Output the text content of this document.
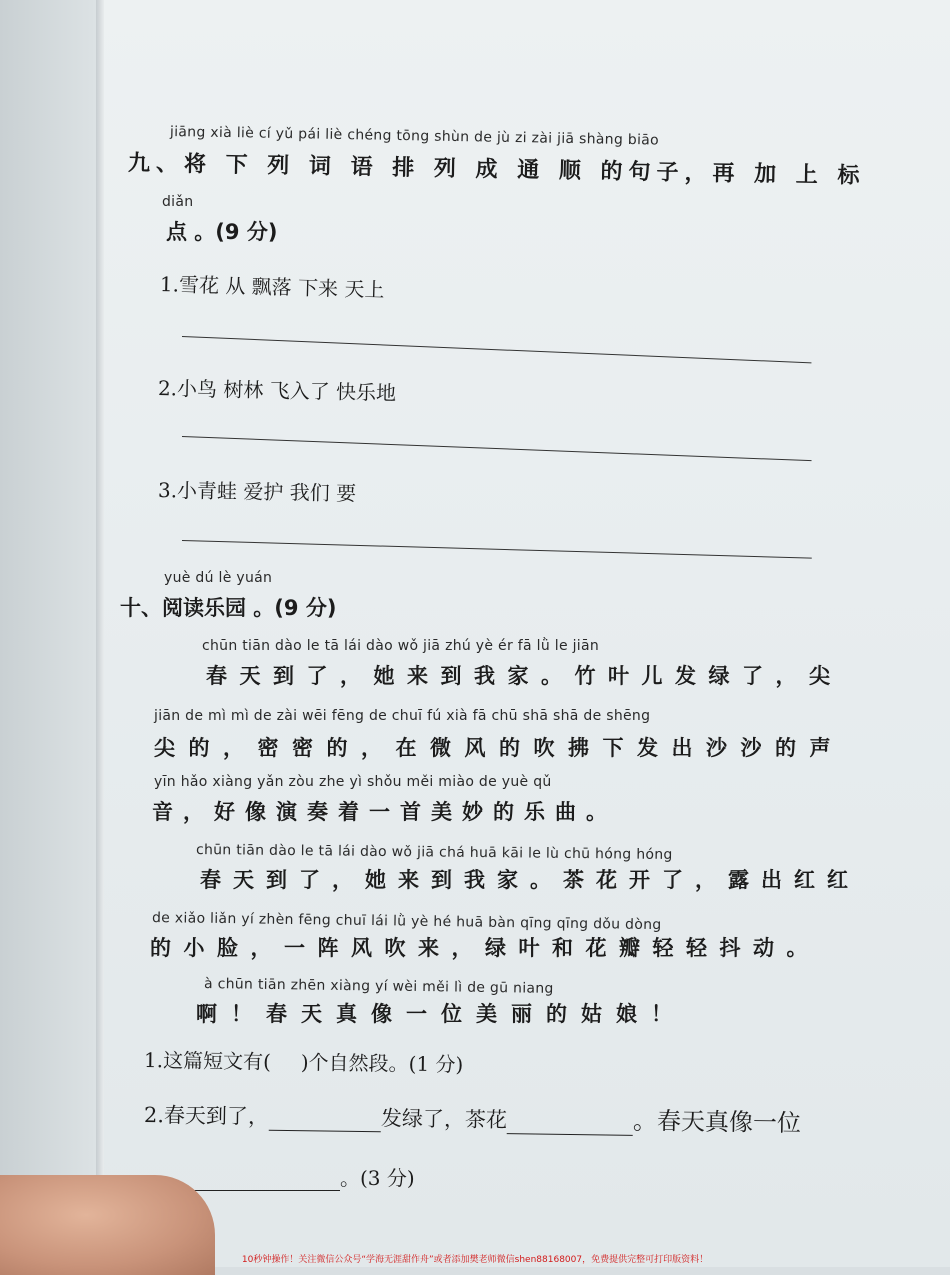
jiāng xià liè cí yǔ pái liè chéng tōng shùn de jù zi zài jiā shàng biāo
九、将 下 列 词 语 排 列 成 通 顺 的句子，再 加 上 标
diǎn
点 。(9 分)
1.雪花 从 飘落 下来 天上
2.小鸟 树林 飞入了 快乐地
3.小青蛙 爱护 我们 要
yuè dú lè yuán
十、阅读乐园 。(9 分)
chūn tiān dào le tā lái dào wǒ jiā zhú yè ér fā lǜ le jiān
春天到了，她来到我家。竹叶儿发绿了，尖
jiān de mì mì de zài wēi fēng de chuī fú xià fā chū shā shā de shēng
尖的，密密的，在微风的吹拂下发出沙沙的声
yīn hǎo xiàng yǎn zòu zhe yì shǒu měi miào de yuè qǔ
音，好像演奏着一首美妙的乐曲。
chūn tiān dào le tā lái dào wǒ jiā chá huā kāi le lù chū hóng hóng
春天到了，她来到我家。茶花开了，露出红红
de xiǎo liǎn yí zhèn fēng chuī lái lǜ yè hé huā bàn qīng qīng dǒu dòng
的小脸，一阵风吹来，绿叶和花瓣轻轻抖动。
à chūn tiān zhēn xiàng yí wèi měi lì de gū niang
啊！春天真像一位美丽的姑娘！
1.这篇短文有( )个自然段。(1 分)
2.春天到了，	发绿了，茶花	。春天真像一位
。(3 分)
10秒钟操作！关注微信公众号“学海无涯甜作舟”或者添加樊老师微信shen88168007，免费提供完整可打印版资料！
